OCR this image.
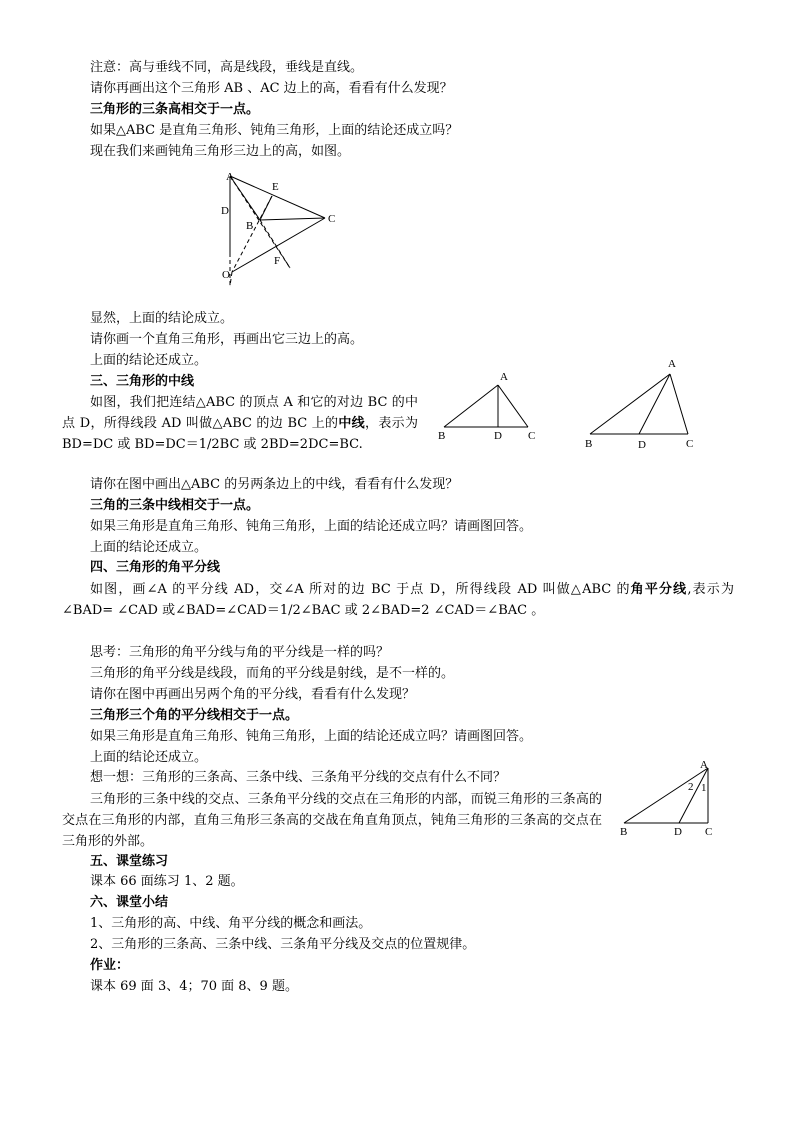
注意：高与垂线不同，高是线段，垂线是直线。
请你再画出这个三角形 AB 、AC 边上的高，看看有什么发现？
三角形的三条高相交于一点。
如果△ABC 是直角三角形、钝角三角形，上面的结论还成立吗？
现在我们来画钝角三角形三边上的高，如图。
A
E
D
C
B
F
O
显然，上面的结论成立。
请你画一个直角三角形，再画出它三边上的高。
上面的结论还成立。
三、三角形的中线
如图，我们把连结△ABC 的顶点 A 和它的对边 BC 的中点 D，所得线段 AD 叫做△ABC 的边 BC 上的中线，表示为 BD=DC 或 BD=DC＝1/2BC 或 2BD=2DC=BC.
A
B	D C
A
B	D	C
请你在图中画出△ABC 的另两条边上的中线，看看有什么发现？
三角的三条中线相交于一点。
如果三角形是直角三角形、钝角三角形，上面的结论还成立吗？请画图回答。
上面的结论还成立。
四、三角形的角平分线
如图，画∠A 的平分线 AD，交∠A 所对的边 BC 于点 D，所得线段 AD 叫做△ABC 的角平分线,表示为∠BAD= ∠CAD 或∠BAD=∠CAD＝1/2∠BAC 或 2∠BAD=2 ∠CAD＝∠BAC 。
思考：三角形的角平分线与角的平分线是一样的吗？
三角形的角平分线是线段，而角的平分线是射线，是不一样的。
请你在图中再画出另两个角的平分线，看看有什么发现？
三角形三个角的平分线相交于一点。
如果三角形是直角三角形、钝角三角形，上面的结论还成立吗？请画图回答。
上面的结论还成立。
想一想：三角形的三条高、三条中线、三条角平分线的交点有什么不同？
三角形的三条中线的交点、三条角平分线的交点在三角形的内部，而锐三角形的三条高的交点在三角形的内部，直角三角形三条高的交战在角直角顶点，钝角三角形的三条高的交点在三角形的外部。
A
2 1
B	D C
五、课堂练习
课本 66 面练习 1、2 题。
六、课堂小结
1、三角形的高、中线、角平分线的概念和画法。
2、三角形的三条高、三条中线、三条角平分线及交点的位置规律。
作业：
课本 69 面 3、4；70 面 8、9 题。
